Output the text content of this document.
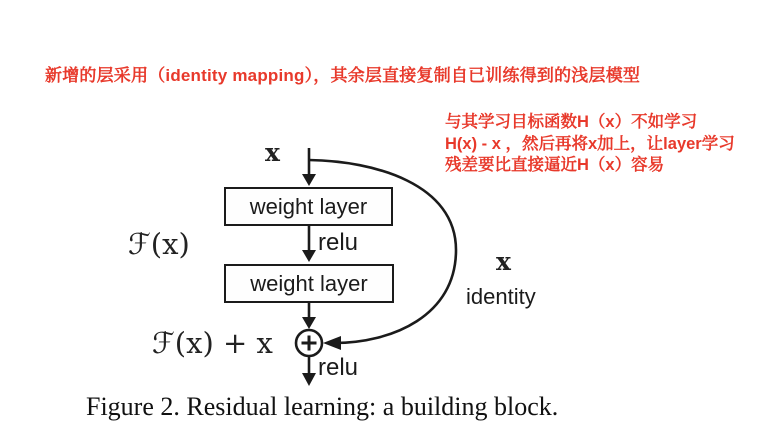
新增的层采用（identity mapping），其余层直接复制自已训练得到的浅层模型
与其学习目标函数H（x）不如学习
H(x) - x ，然后再将x加上，让layer学习
残差要比直接逼近H（x）容易
weight layer
weight layer
x
ℱ(x)	relu
x
identity
ℱ(x) + x
relu
Figure 2. Residual learning: a building block.
